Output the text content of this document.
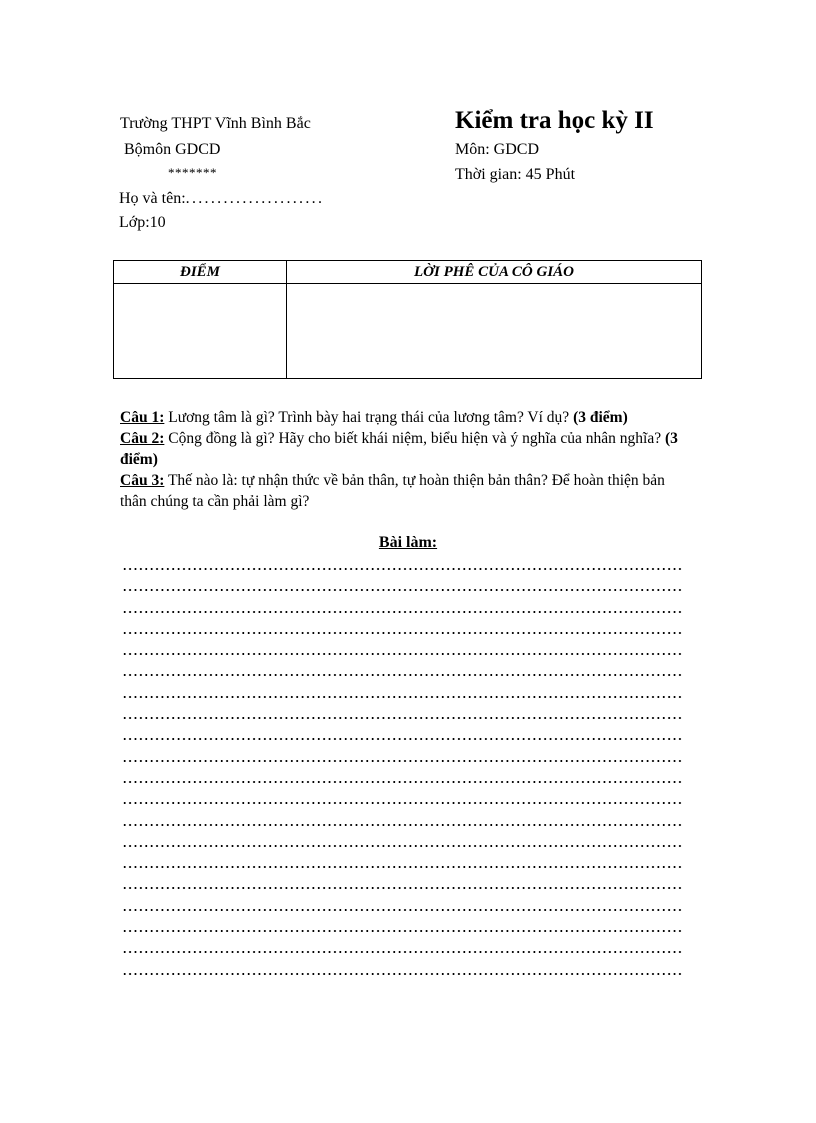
Trường THPT Vĩnh Bình Bắc
Bộmôn GDCD
*******
Họ và tên:......................
Lớp:10
Kiểm tra học kỳ II
Môn: GDCD
Thời gian: 45 Phút
ĐIỂM	LỜI PHÊ CỦA CÔ GIÁO

Câu 1: Lương tâm là gì? Trình bày hai trạng thái của lương tâm? Ví dụ? (3 điểm)

Câu 2: Cộng đồng là gì? Hãy cho biết khái niệm, biểu hiện và ý nghĩa của nhân nghĩa? (3 điểm)

Câu 3: Thế nào là: tự nhận thức về bản thân, tự hoàn thiện bản thân? Để hoàn thiện bản thân chúng ta cần phải làm gì?

Bài làm:
